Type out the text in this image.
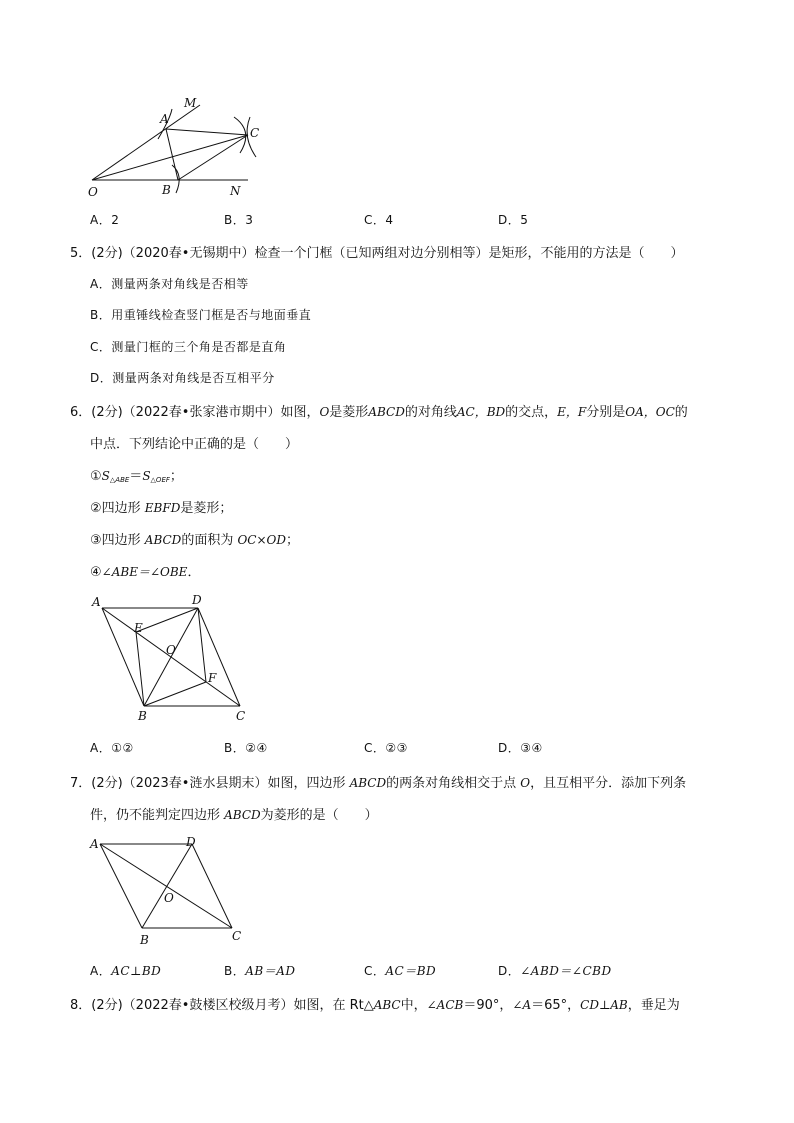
M
A
C
O	B	N
A．2	B．3	C．4	D．5
5．(2分)（2020春•无锡期中）检查一个门框（已知两组对边分别相等）是矩形，不能用的方法是（　　）
A．测量两条对角线是否相等
B．用重锤线检查竖门框是否与地面垂直
C．测量门框的三个角是否都是直角
D．测量两条对角线是否互相平分
6．(2分)（2022春•张家港市期中）如图，O是菱形ABCD的对角线AC，BD的交点，E，F分别是OA，OC的
中点．下列结论中正确的是（　　）
①S△ABE＝S△OEF；
②四边形 EBFD是菱形；
③四边形 ABCD的面积为 OC×OD；
④∠ABE＝∠OBE．
A	D
E
O
F
B	C
A．①②	B．②④	C．②③	D．③④
7．(2分)（2023春•涟水县期末）如图，四边形 ABCD的两条对角线相交于点 O，且互相平分．添加下列条
件，仍不能判定四边形 ABCD为菱形的是（　　）
A	D
O
B	C
A．AC⊥BD	B．AB＝AD	C．AC＝BD	D．∠ABD＝∠CBD
8．(2分)（2022春•鼓楼区校级月考）如图，在 Rt△ABC中，∠ACB＝90°，∠A＝65°，CD⊥AB，垂足为
